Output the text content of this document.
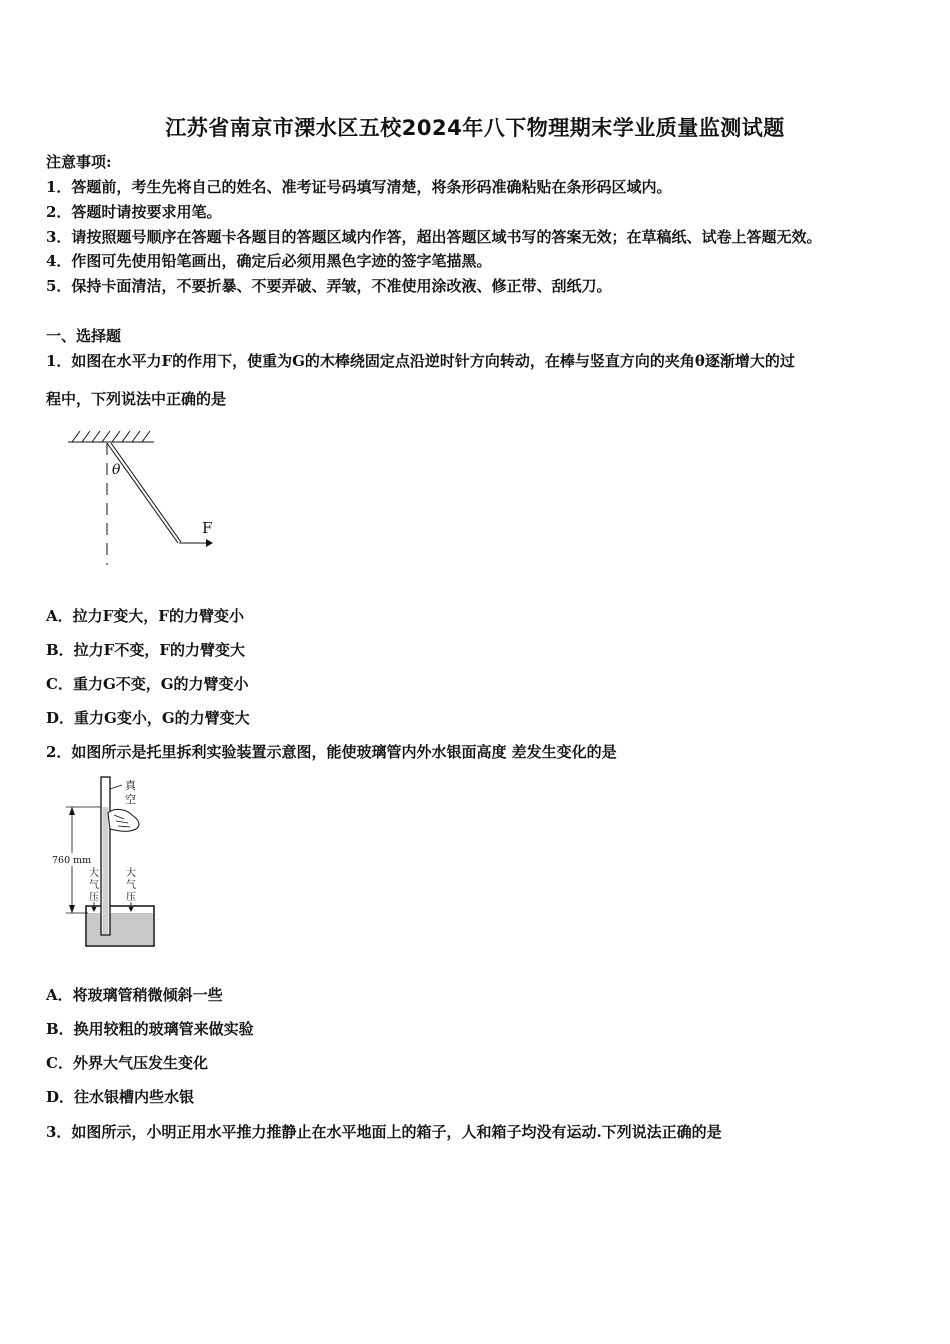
江苏省南京市溧水区五校2024年八下物理期末学业质量监测试题
注意事项:
1．答题前，考生先将自己的姓名、准考证号码填写清楚，将条形码准确粘贴在条形码区域内。
2．答题时请按要求用笔。
3．请按照题号顺序在答题卡各题目的答题区域内作答，超出答题区域书写的答案无效；在草稿纸、试卷上答题无效。
4．作图可先使用铅笔画出，确定后必须用黑色字迹的签字笔描黑。
5．保持卡面清洁，不要折暴、不要弄破、弄皱，不准使用涂改液、修正带、刮纸刀。
一、选择题
1．如图在水平力F的作用下，使重为G的木棒绕固定点沿逆时针方向转动，在棒与竖直方向的夹角θ逐渐增大的过
程中，下列说法中正确的是
θ
F
A．拉力F变大，F的力臂变小
B．拉力F不变，F的力臂变大
C．重力G不变，G的力臂变小
D．重力G变小，G的力臂变大
2．如图所示是托里拆利实验装置示意图，能使玻璃管内外水银面高度 差发生变化的是
真
空
760 mm
大
气
压
大
气
压
A．将玻璃管稍微倾斜一些
B．换用较粗的玻璃管来做实验
C．外界大气压发生变化
D．往水银槽内些水银
3．如图所示，小明正用水平推力推静止在水平地面上的箱子，人和箱子均没有运动.下列说法正确的是
